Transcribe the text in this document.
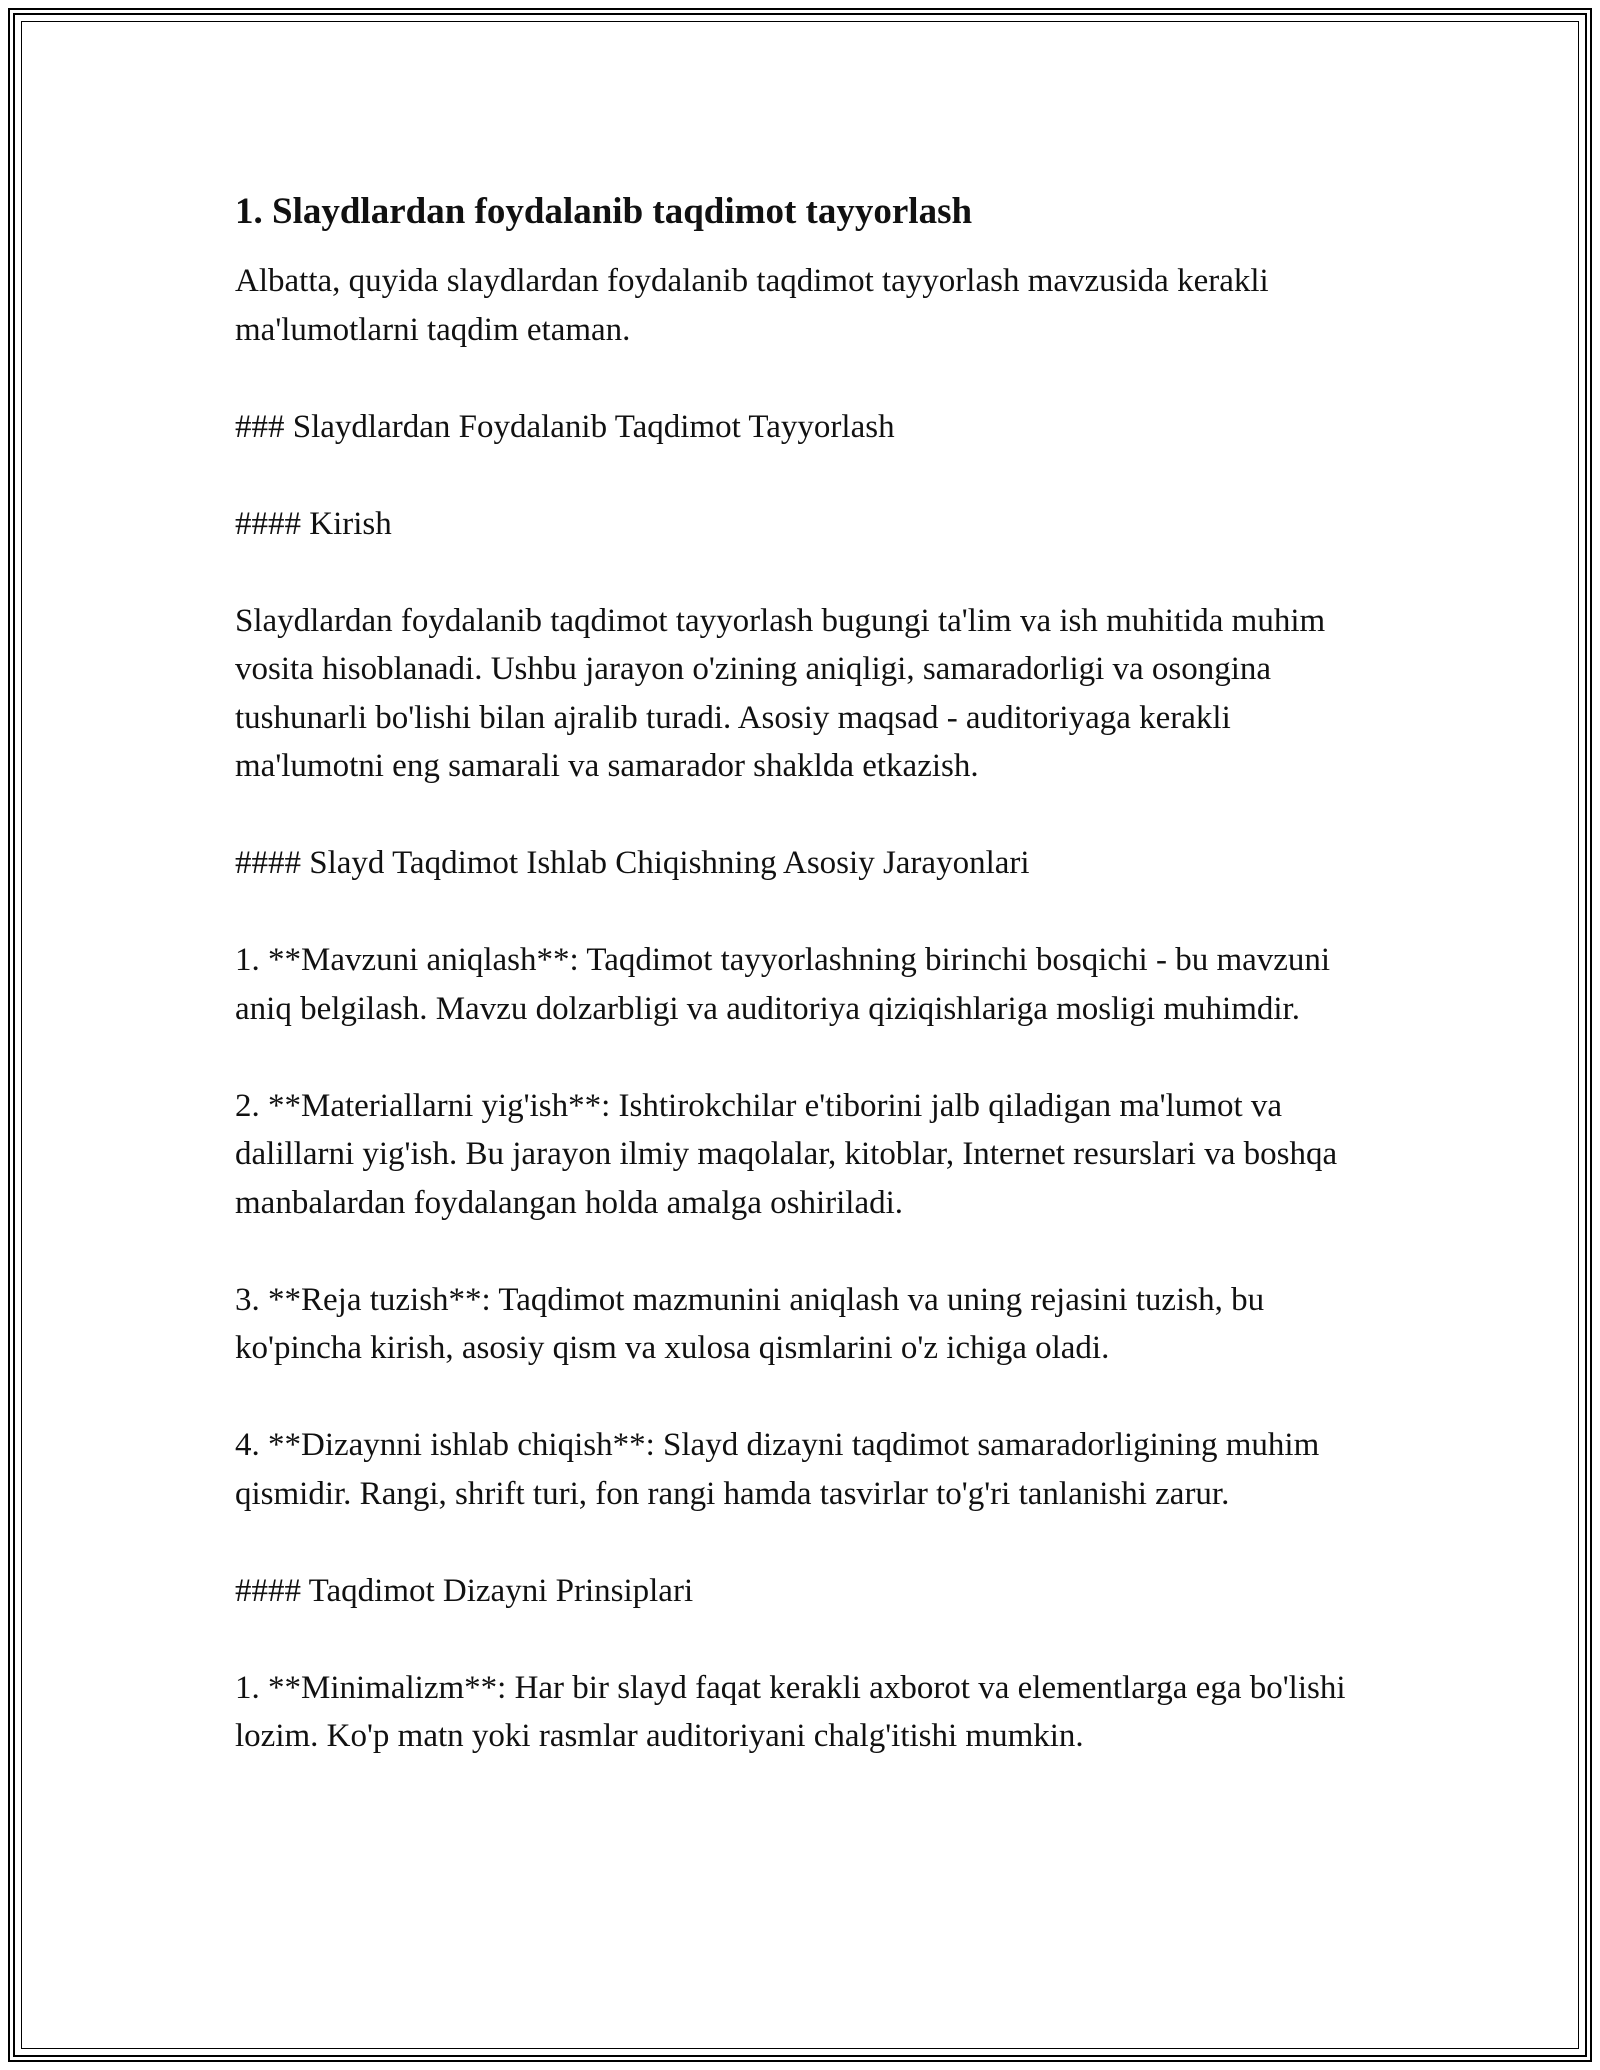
1. Slaydlardan foydalanib taqdimot tayyorlash

Albatta, quyida slaydlardan foydalanib taqdimot tayyorlash mavzusida kerakli ma'lumotlarni taqdim etaman.

### Slaydlardan Foydalanib Taqdimot Tayyorlash

#### Kirish

Slaydlardan foydalanib taqdimot tayyorlash bugungi ta'lim va ish muhitida muhim vosita hisoblanadi. Ushbu jarayon o'zining aniqligi, samaradorligi va osongina tushunarli bo'lishi bilan ajralib turadi. Asosiy maqsad - auditoriyaga kerakli ma'lumotni eng samarali va samarador shaklda etkazish.

#### Slayd Taqdimot Ishlab Chiqishning Asosiy Jarayonlari

1. **Mavzuni aniqlash**: Taqdimot tayyorlashning birinchi bosqichi - bu mavzuni aniq belgilash. Mavzu dolzarbligi va auditoriya qiziqishlariga mosligi muhimdir.

2. **Materiallarni yig'ish**: Ishtirokchilar e'tiborini jalb qiladigan ma'lumot va dalillarni yig'ish. Bu jarayon ilmiy maqolalar, kitoblar, Internet resurslari va boshqa manbalardan foydalangan holda amalga oshiriladi.

3. **Reja tuzish**: Taqdimot mazmunini aniqlash va uning rejasini tuzish, bu ko'pincha kirish, asosiy qism va xulosa qismlarini o'z ichiga oladi.

4. **Dizaynni ishlab chiqish**: Slayd dizayni taqdimot samaradorligining muhim qismidir. Rangi, shrift turi, fon rangi hamda tasvirlar to'g'ri tanlanishi zarur.

#### Taqdimot Dizayni Prinsiplari

1. **Minimalizm**: Har bir slayd faqat kerakli axborot va elementlarga ega bo'lishi lozim. Ko'p matn yoki rasmlar auditoriyani chalg'itishi mumkin.
